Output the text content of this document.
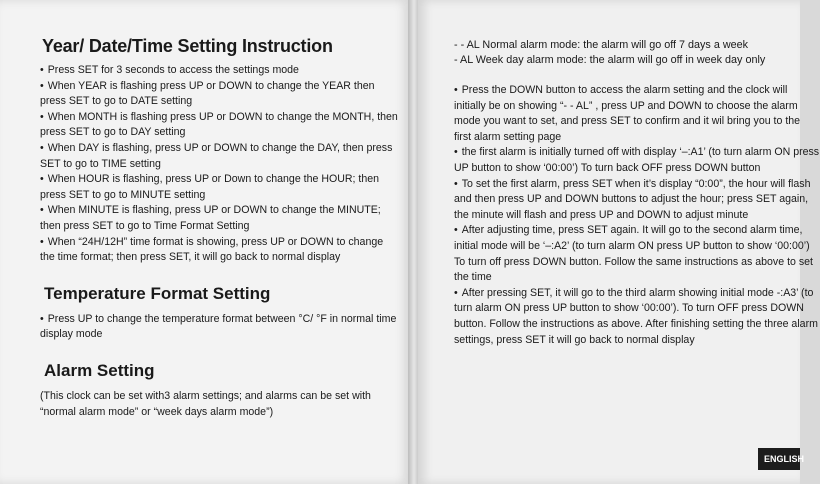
Year/ Date/Time Setting Instruction

• Press SET for 3 seconds to access the settings mode

• When YEAR is flashing press UP or DOWN to change the YEAR then press SET to go to DATE setting

• When MONTH is flashing press UP or DOWN to change the MONTH, then press SET to go to DAY setting

• When DAY is flashing, press UP or DOWN to change the DAY, then press SET to go to TIME setting

• When HOUR is flashing, press UP or Down to change the HOUR; then press SET to go to MINUTE setting

• When MINUTE is flashing, press UP or DOWN to change the MINUTE; then press SET to go to Time Format Setting

• When “24H/12H” time format is showing, press UP or DOWN to change the time format; then press SET, it will go back to normal display

Temperature Format Setting

• Press UP to change the temperature format between °C/ °F in normal time display mode

Alarm Setting

(This clock can be set with3 alarm settings; and alarms can be set with “normal alarm mode” or “week days alarm mode”)

- - AL Normal alarm mode: the alarm will go off 7 days a week

- AL Week day alarm mode: the alarm will go off in week day only

• Press the DOWN button to access the alarm setting and the clock will initially be on showing “- - AL” , press UP and DOWN to choose the alarm mode you want to set, and press SET to confirm and it wil bring you to the first alarm setting page

• the first alarm is initially turned off with display ‘–:A1’ (to turn alarm ON press UP button to show ‘00:00’) To turn back OFF press DOWN button

• To set the first alarm, press SET when it’s display “0:00”, the hour will flash and then press UP and DOWN buttons to adjust the hour; press SET again, the minute will flash and press UP and DOWN to adjust minute

• After adjusting time, press SET again. It will go to the second alarm time, initial mode will be ‘–:A2’ (to turn alarm ON press UP button to show ‘00:00’) To turn off press DOWN button. Follow the same instructions as above to set the time

• After pressing SET, it will go to the third alarm showing initial mode -:A3’ (to turn alarm ON press UP button to show ‘00:00’). To turn OFF press DOWN button. Follow the instructions as above. After finishing setting the three alarm settings, press SET it will go back to normal display

ENGLISH
